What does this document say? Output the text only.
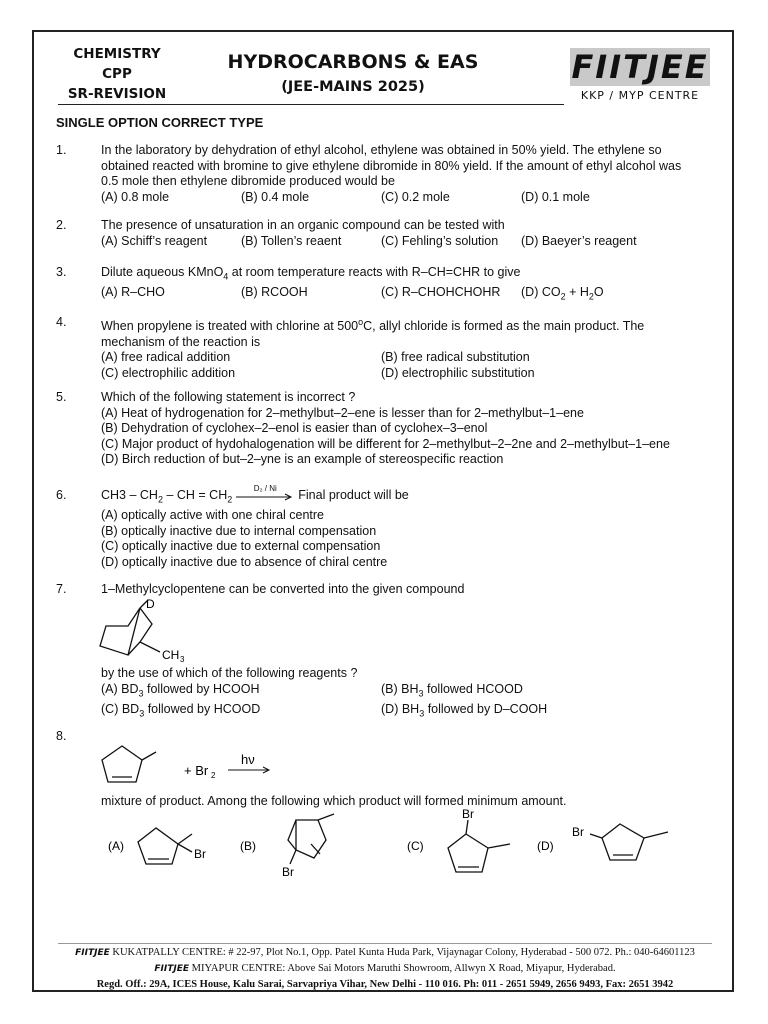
CHEMISTRY
CPP
SR-REVISION
HYDROCARBONS & EAS
(JEE-MAINS 2025)
FIITJEE
KKP / MYP CENTRE
SINGLE OPTION CORRECT TYPE
1.	In the laboratory by dehydration of ethyl alcohol, ethylene was obtained in 50% yield. The ethylene so
obtained reacted with bromine to give ethylene dibromide in 80% yield. If the amount of ethyl alcohol was
0.5 mole then ethylene dibromide produced would be
(A) 0.8 mole	(B) 0.4 mole	(C) 0.2 mole	(D) 0.1 mole
2.	The presence of unsaturation in an organic compound can be tested with
(A) Schiff’s reagent	(B) Tollen’s reaent	(C) Fehling’s solution	(D) Baeyer’s reagent
3.	Dilute aqueous KMnO$_4$ at room temperature reacts with R–CH=CHR to give
(A) R–CHO	(B) RCOOH	(C) R–CHOHCHOHR	(D) $CO_2 + H_2O$
4.	When propylene is treated with chlorine at 500$^o$C, allyl chloride is formed as the main product. The
mechanism of the reaction is
(A) free radical addition	(B) free radical substitution
(C) electrophilic addition	(D) electrophilic substitution
5.	Which of the following statement is incorrect ?
(A) Heat of hydrogenation for 2–methylbut–2–ene is lesser than for 2–methylbut–1–ene
(B) Dehydration of cyclohex–2–enol is easier than of cyclohex–3–enol
(C) Major product of hydohalogenation will be different for 2–methylbut–2–2ne and 2–methylbut–1–ene
(D) Birch reduction of but–2–yne is an example of stereospecific reaction
6.	$CH3 - CH_2$ – CH = $CH_2$
D₂ / Ni	Final product will be
(A) optically active with one chiral centre
(B) optically inactive due to internal compensation
(C) optically inactive due to external compensation
(D) optically inactive due to absence of chiral centre
7.	1–Methylcyclopentene can be converted into the given compound
D
CH 3
by the use of which of the following reagents ?
(A) $BD_3$ followed by HCOOH	(B) $BH_3$ followed HCOOD
(C) $BD_3$ followed by HCOOD	(D) $BH_3$ followed by D–COOH
8.
+ Br 2
hν
mixture of product. Among the following which product will formed minimum amount.
(A)
Br
(B)
Br
(C)
Br
(D)
Br
FIITJEE KUKATPALLY CENTRE: # 22-97, Plot No.1, Opp. Patel Kunta Huda Park, Vijaynagar Colony, Hyderabad - 500 072. Ph.: 040-64601123
FIITJEE MIYAPUR CENTRE: Above Sai Motors Maruthi Showroom, Allwyn X Road, Miyapur, Hyderabad.
Regd. Off.: 29A, ICES House, Kalu Sarai, Sarvapriya Vihar, New Delhi - 110 016. Ph: 011 - 2651 5949, 2656 9493, Fax: 2651 3942
